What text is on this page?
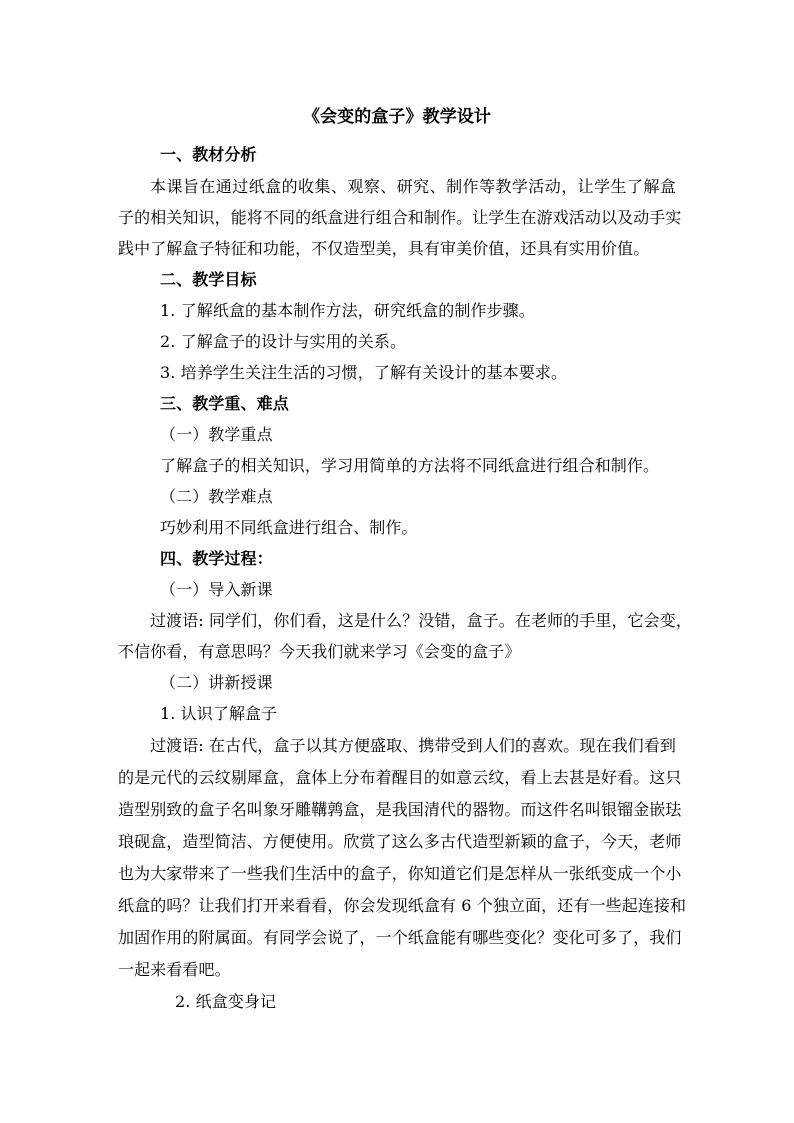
《会变的盒子》教学设计
一、教材分析
本课旨在通过纸盒的收集、观察、研究、制作等教学活动，让学生了解盒
子的相关知识，能将不同的纸盒进行组合和制作。让学生在游戏活动以及动手实
践中了解盒子特征和功能，不仅造型美，具有审美价值，还具有实用价值。
二、教学目标
1. 了解纸盒的基本制作方法，研究纸盒的制作步骤。
2. 了解盒子的设计与实用的关系。
3. 培养学生关注生活的习惯，了解有关设计的基本要求。
三、教学重、难点
（一）教学重点
了解盒子的相关知识，学习用简单的方法将不同纸盒进行组合和制作。
（二）教学难点
巧妙利用不同纸盒进行组合、制作。
四、教学过程：
（一）导入新课
过渡语: 同学们，你们看，这是什么？没错，盒子。在老师的手里，它会变，
不信你看，有意思吗？今天我们就来学习《会变的盒子》
（二）讲新授课
1. 认识了解盒子
过渡语: 在古代，盒子以其方便盛取、携带受到人们的喜欢。现在我们看到
的是元代的云纹剔犀盒，盒体上分布着醒目的如意云纹，看上去甚是好看。这只
造型别致的盒子名叫象牙雕鞲鹑盒，是我国清代的器物。而这件名叫银镏金嵌珐
琅砚盒，造型简洁、方便使用。欣赏了这么多古代造型新颖的盒子，今天，老师
也为大家带来了一些我们生活中的盒子，你知道它们是怎样从一张纸变成一个小
纸盒的吗？让我们打开来看看，你会发现纸盒有 6 个独立面，还有一些起连接和
加固作用的附属面。有同学会说了，一个纸盒能有哪些变化？变化可多了，我们
一起来看看吧。
2. 纸盒变身记
